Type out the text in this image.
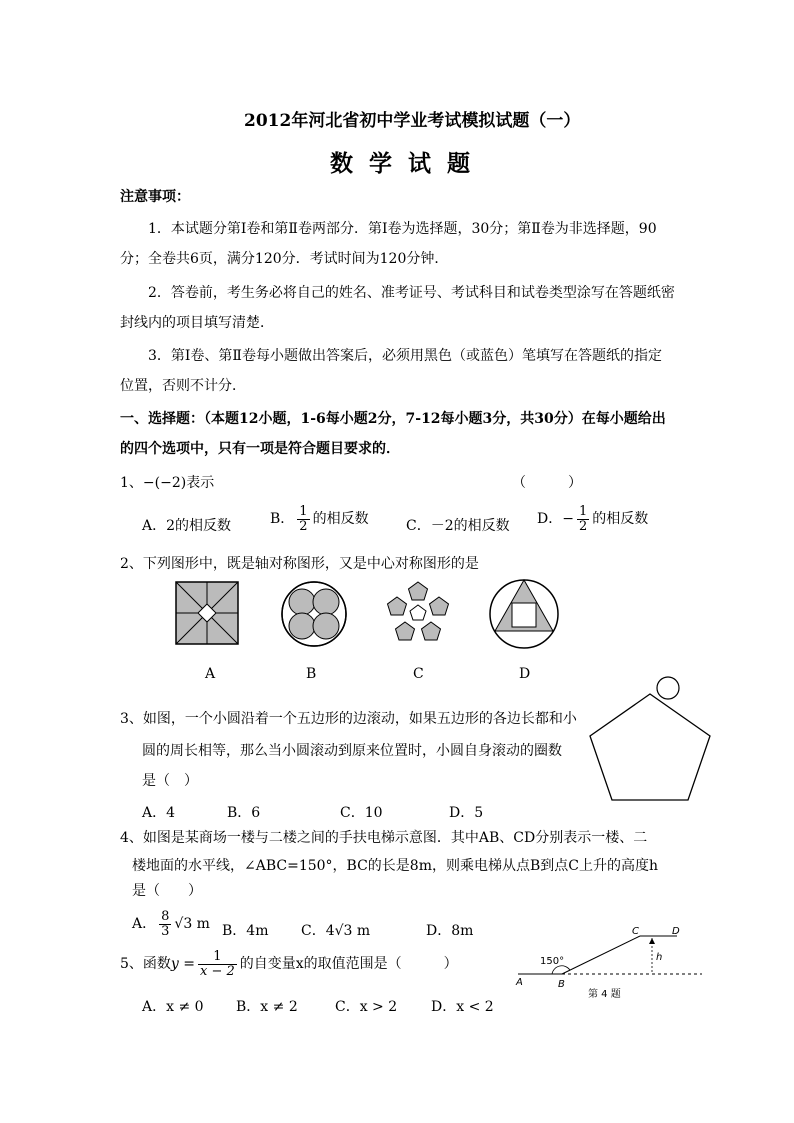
2012年河北省初中学业考试模拟试题（一）
数 学 试 题
注意事项：
1．本试题分第Ⅰ卷和第Ⅱ卷两部分．第Ⅰ卷为选择题，30分；第Ⅱ卷为非选择题，90
分；全卷共6页，满分120分．考试时间为120分钟．
2．答卷前，考生务必将自己的姓名、准考证号、考试科目和试卷类型涂写在答题纸密
封线内的项目填写清楚．
3．第Ⅰ卷、第Ⅱ卷每小题做出答案后，必须用黑色（或蓝色）笔填写在答题纸的指定
位置，否则不计分．
一、选择题：（本题12小题，1-6每小题2分，7-12每小题3分，共30分）在每小题给出
的四个选项中，只有一项是符合题目要求的．
1、−(−2)表示	（　　　）
A．2的相反数	B． $\frac{1}{2}$ 的相反数	C．－2的相反数 D．− $\frac{1}{2}$ 的相反数
2、下列图形中，既是轴对称图形，又是中心对称图形的是
A	B	C	D
3、如图，一个小圆沿着一个五边形的边滚动，如果五边形的各边长都和小
圆的周长相等，那么当小圆滚动到原来位置时，小圆自身滚动的圈数
是（　）
A．4	B．6	C．10	D．5
4、如图是某商场一楼与二楼之间的手扶电梯示意图．其中AB、CD分别表示一楼、二
楼地面的水平线，∠ABC=150°，BC的长是8m，则乘电梯从点B到点C上升的高度h
是（　　）
A． $\frac{8}{3} √3$ m B．4m C．4√3 m	D．8m
150°
A	B
C	D
h
第 4 题
5、函数$y = \frac{1}{x - 2}$ 的自变量x的取值范围是（　　　）
A．x ≠ 0 B．x ≠ 2	C．x > 2 D．x < 2
